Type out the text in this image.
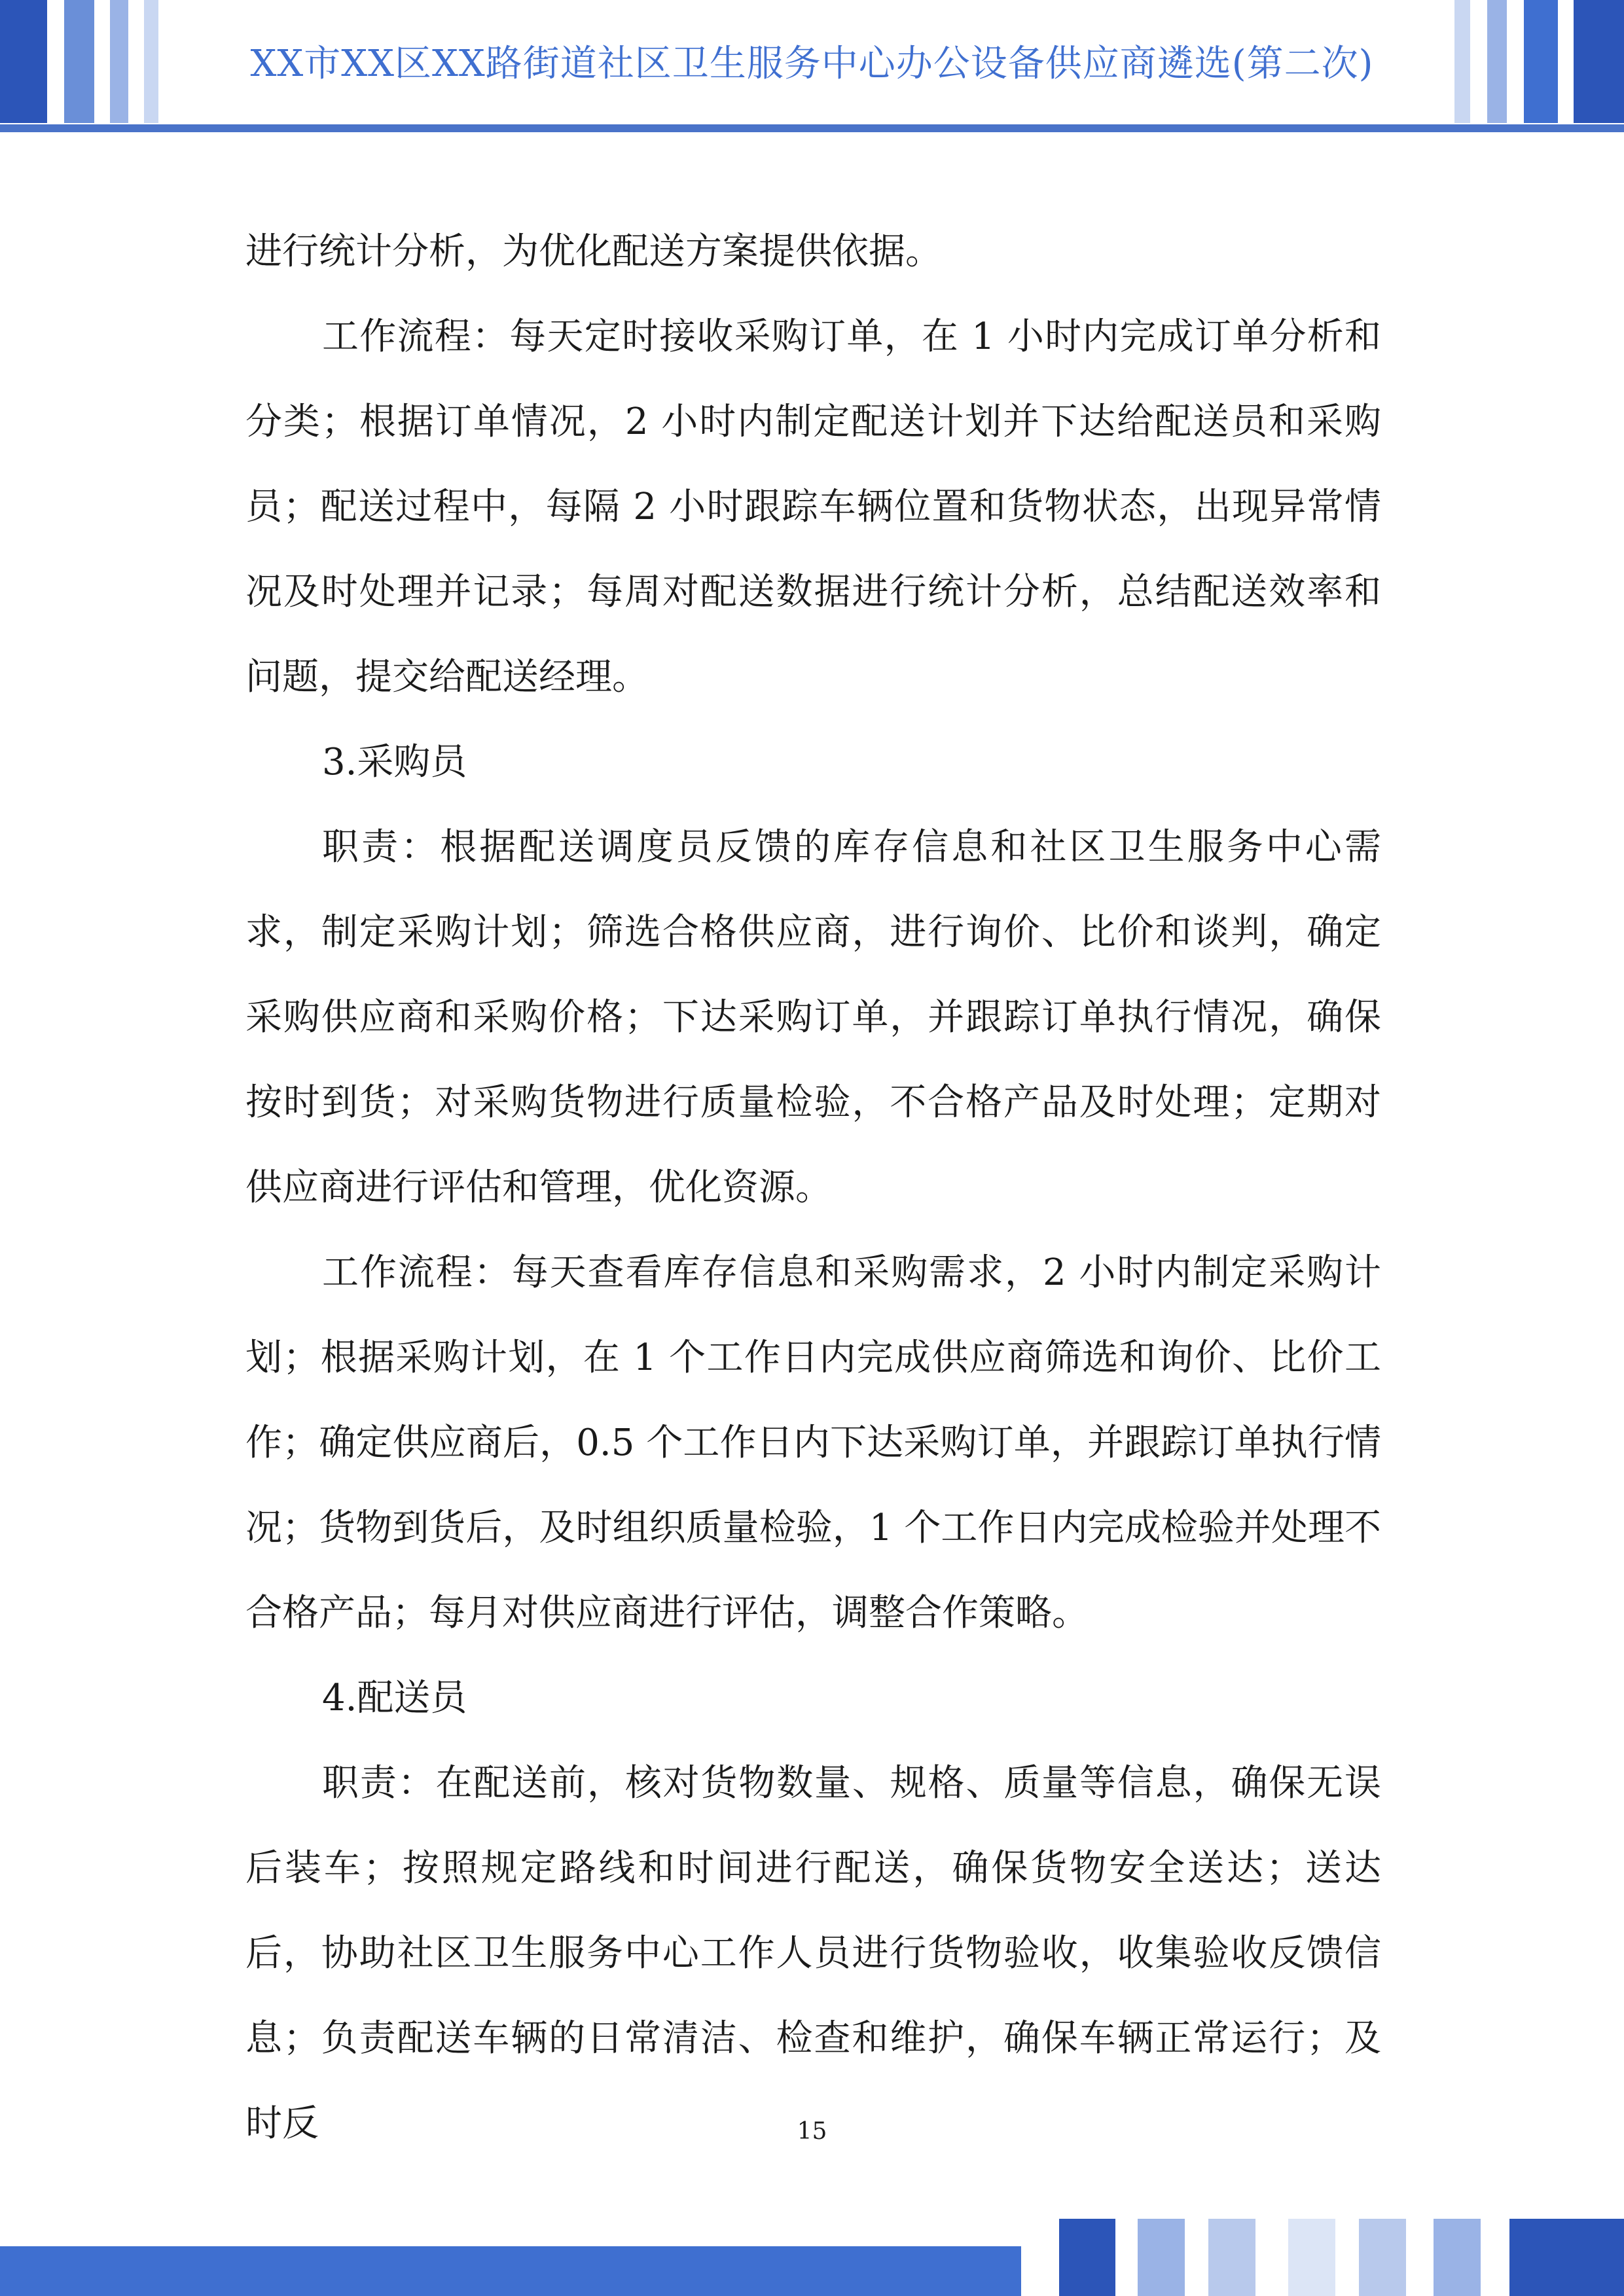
XX市XX区XX路街道社区卫生服务中心办公设备供应商遴选(第二次)

进行统计分析，为优化配送方案提供依据。

工作流程：每天定时接收采购订单，在 1 小时内完成订单分析和分类；根据订单情况，2 小时内制定配送计划并下达给配送员和采购员；配送过程中，每隔 2 小时跟踪车辆位置和货物状态，出现异常情况及时处理并记录；每周对配送数据进行统计分析，总结配送效率和问题，提交给配送经理。

3.采购员

职责：根据配送调度员反馈的库存信息和社区卫生服务中心需求，制定采购计划；筛选合格供应商，进行询价、比价和谈判，确定采购供应商和采购价格；下达采购订单，并跟踪订单执行情况，确保按时到货；对采购货物进行质量检验，不合格产品及时处理；定期对供应商进行评估和管理，优化资源。

工作流程：每天查看库存信息和采购需求，2 小时内制定采购计划；根据采购计划，在 1 个工作日内完成供应商筛选和询价、比价工作；确定供应商后，0.5 个工作日内下达采购订单，并跟踪订单执行情况；货物到货后，及时组织质量检验，1 个工作日内完成检验并处理不合格产品；每月对供应商进行评估，调整合作策略。

4.配送员

职责：在配送前，核对货物数量、规格、质量等信息，确保无误后装车；按照规定路线和时间进行配送，确保货物安全送达；送达后，协助社区卫生服务中心工作人员进行货物验收，收集验收反馈信息；负责配送车辆的日常清洁、检查和维护，确保车辆正常运行；及时反	15
